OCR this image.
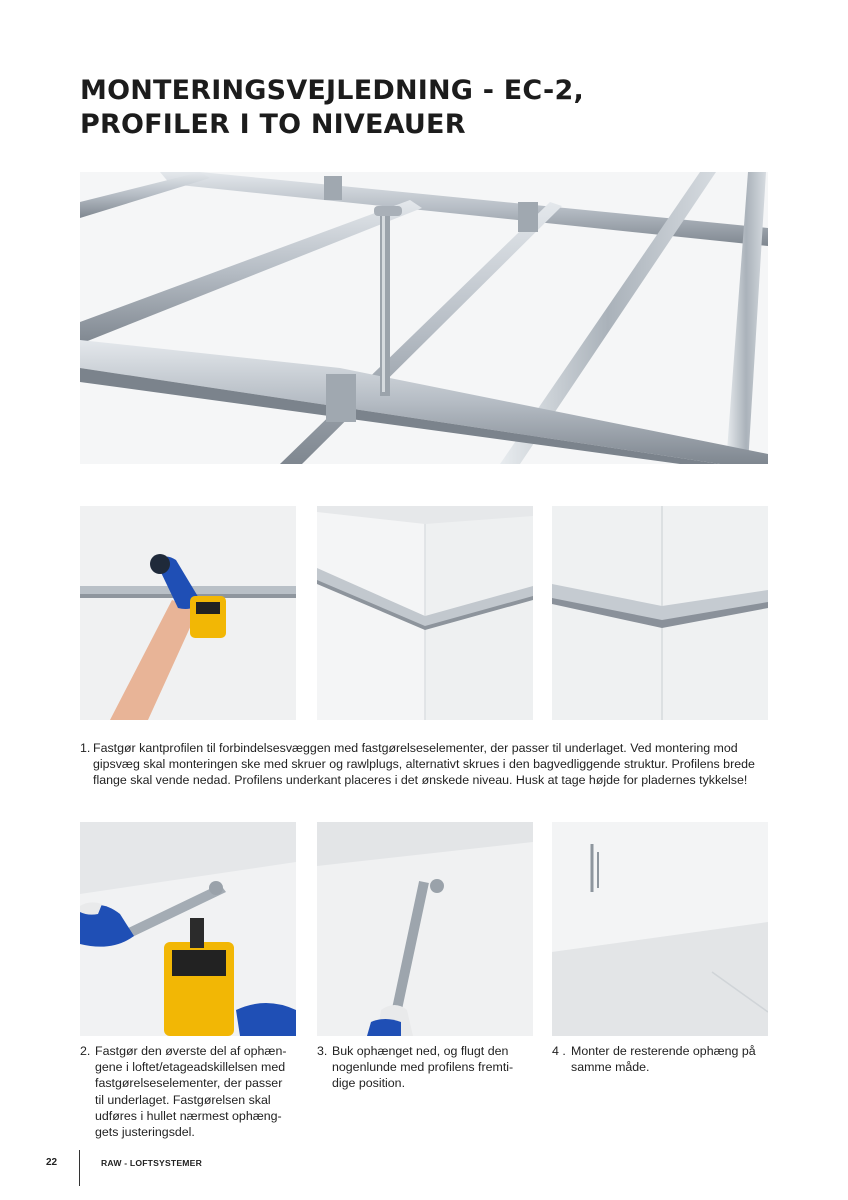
MONTERINGSVEJLEDNING - EC-2,
PROFILER I TO NIVEAUER
1. Fastgør kantprofilen til forbindelsesvæggen med fastgørelseselementer, der passer til underlaget. Ved montering mod
gipsvæg skal monteringen ske med skruer og rawlplugs, alternativt skrues i den bagvedliggende struktur. Profilens brede
flange skal vende nedad. Profilens underkant placeres i det ønskede niveau. Husk at tage højde for pladernes tykkelse!
2. Fastgør den øverste del af ophæn-
gene i loftet/etageadskillelsen med
fastgørelseselementer, der passer
til underlaget. Fastgørelsen skal
udføres i hullet nærmest ophæng-
gets justeringsdel.
3. Buk ophænget ned, og flugt den
nogenlunde med profilens fremti-
dige position.
4 . Monter de resterende ophæng på
samme måde.
22	RAW - LOFTSYSTEMER
